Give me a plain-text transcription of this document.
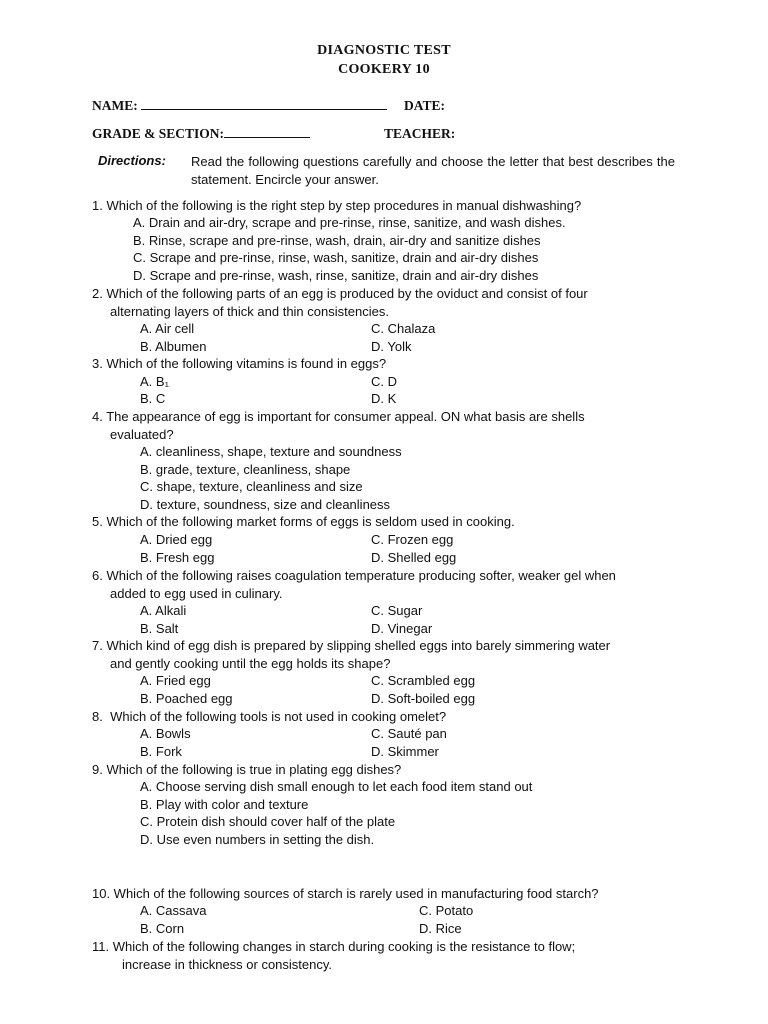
DIAGNOSTIC TEST
COOKERY 10
NAME:	DATE:
GRADE & SECTION:	TEACHER:
Directions: Read the following questions carefully and choose the letter that best describes the statement. Encircle your answer.
1. Which of the following is the right step by step procedures in manual dishwashing?
A. Drain and air-dry, scrape and pre-rinse, rinse, sanitize, and wash dishes.
B. Rinse, scrape and pre-rinse, wash, drain, air-dry and sanitize dishes
C. Scrape and pre-rinse, rinse, wash, sanitize, drain and air-dry dishes
D. Scrape and pre-rinse, wash, rinse, sanitize, drain and air-dry dishes
2. Which of the following parts of an egg is produced by the oviduct and consist of four
alternating layers of thick and thin consistencies.
A. Air cell	C. Chalaza
B. Albumen	D. Yolk
3. Which of the following vitamins is found in eggs?
A. B₁	C. D
B. C	D. K
4. The appearance of egg is important for consumer appeal. ON what basis are shells
evaluated?
A. cleanliness, shape, texture and soundness
B. grade, texture, cleanliness, shape
C. shape, texture, cleanliness and size
D. texture, soundness, size and cleanliness
5. Which of the following market forms of eggs is seldom used in cooking.
A. Dried egg	C. Frozen egg
B. Fresh egg	D. Shelled egg
6. Which of the following raises coagulation temperature producing softer, weaker gel when
added to egg used in culinary.
A. Alkali	C. Sugar
B. Salt	D. Vinegar
7. Which kind of egg dish is prepared by slipping shelled eggs into barely simmering water
and gently cooking until the egg holds its shape?
A. Fried egg	C. Scrambled egg
B. Poached egg	D. Soft-boiled egg
8.  Which of the following tools is not used in cooking omelet?
A. Bowls	C. Sauté pan
B. Fork	D. Skimmer
9. Which of the following is true in plating egg dishes?
A. Choose serving dish small enough to let each food item stand out
B. Play with color and texture
C. Protein dish should cover half of the plate
D. Use even numbers in setting the dish.
10. Which of the following sources of starch is rarely used in manufacturing food starch?
A. Cassava	C. Potato
B. Corn	D. Rice
11. Which of the following changes in starch during cooking is the resistance to flow;
increase in thickness or consistency.
